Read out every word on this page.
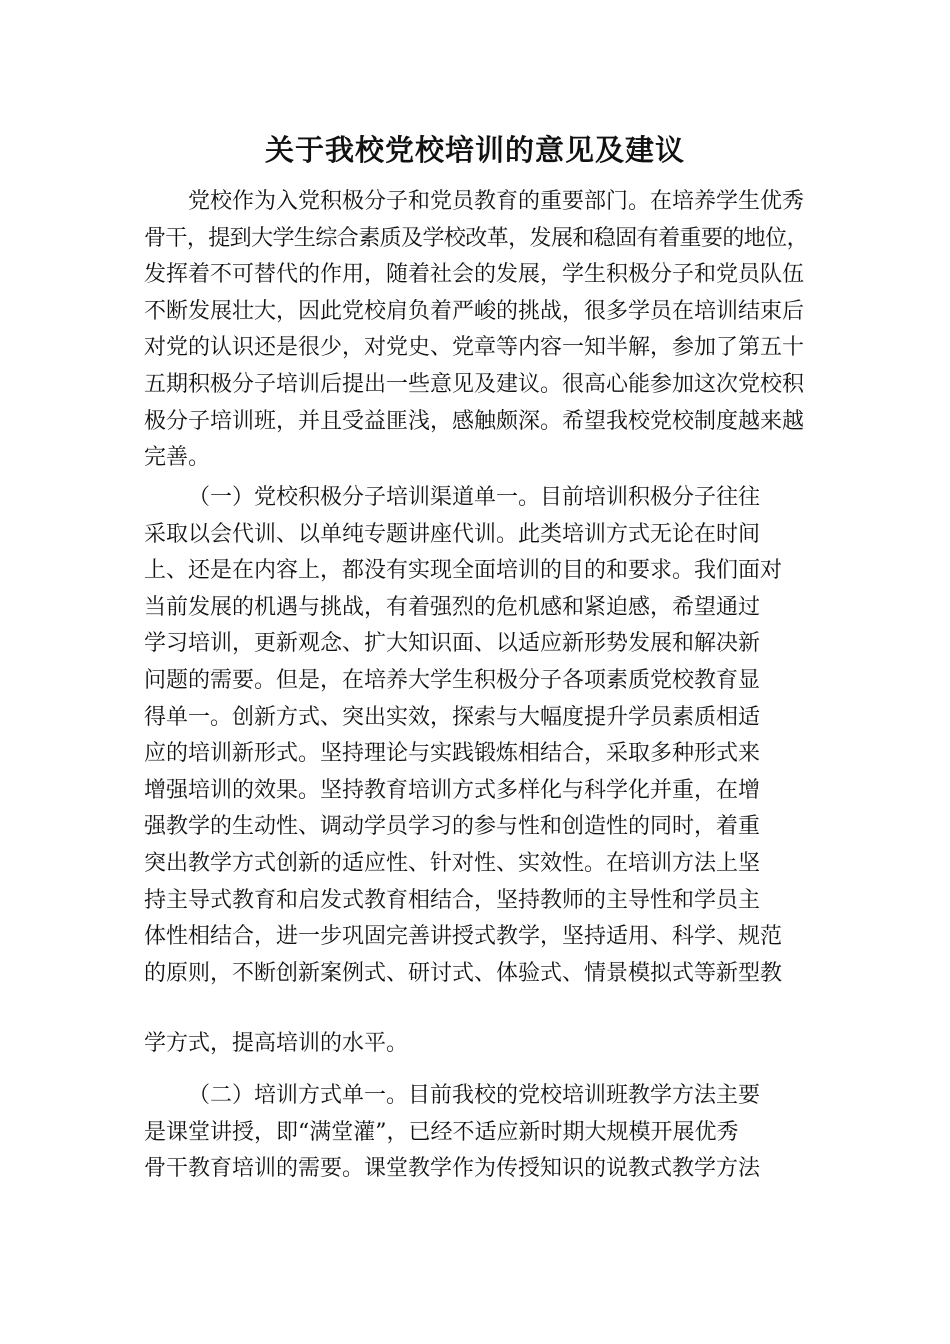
关于我校党校培训的意见及建议
党校作为入党积极分子和党员教育的重要部门。在培养学生优秀
骨干，提到大学生综合素质及学校改革，发展和稳固有着重要的地位，
发挥着不可替代的作用，随着社会的发展，学生积极分子和党员队伍
不断发展壮大，因此党校肩负着严峻的挑战，很多学员在培训结束后
对党的认识还是很少，对党史、党章等内容一知半解，参加了第五十
五期积极分子培训后提出一些意见及建议。很高心能参加这次党校积
极分子培训班，并且受益匪浅，感触颇深。希望我校党校制度越来越
完善。
（一）党校积极分子培训渠道单一。目前培训积极分子往往
采取以会代训、以单纯专题讲座代训。此类培训方式无论在时间
上、还是在内容上，都没有实现全面培训的目的和要求。我们面对
当前发展的机遇与挑战，有着强烈的危机感和紧迫感，希望通过
学习培训，更新观念、扩大知识面、以适应新形势发展和解决新
问题的需要。但是，在培养大学生积极分子各项素质党校教育显
得单一。创新方式、突出实效，探索与大幅度提升学员素质相适
应的培训新形式。坚持理论与实践锻炼相结合，采取多种形式来
增强培训的效果。坚持教育培训方式多样化与科学化并重，在增
强教学的生动性、调动学员学习的参与性和创造性的同时，着重
突出教学方式创新的适应性、针对性、实效性。在培训方法上坚
持主导式教育和启发式教育相结合，坚持教师的主导性和学员主
体性相结合，进一步巩固完善讲授式教学，坚持适用、科学、规范
的原则，不断创新案例式、研讨式、体验式、情景模拟式等新型教
学方式，提高培训的水平。
（二）培训方式单一。目前我校的党校培训班教学方法主要
是课堂讲授，即“满堂灌”，已经不适应新时期大规模开展优秀
骨干教育培训的需要。课堂教学作为传授知识的说教式教学方法
